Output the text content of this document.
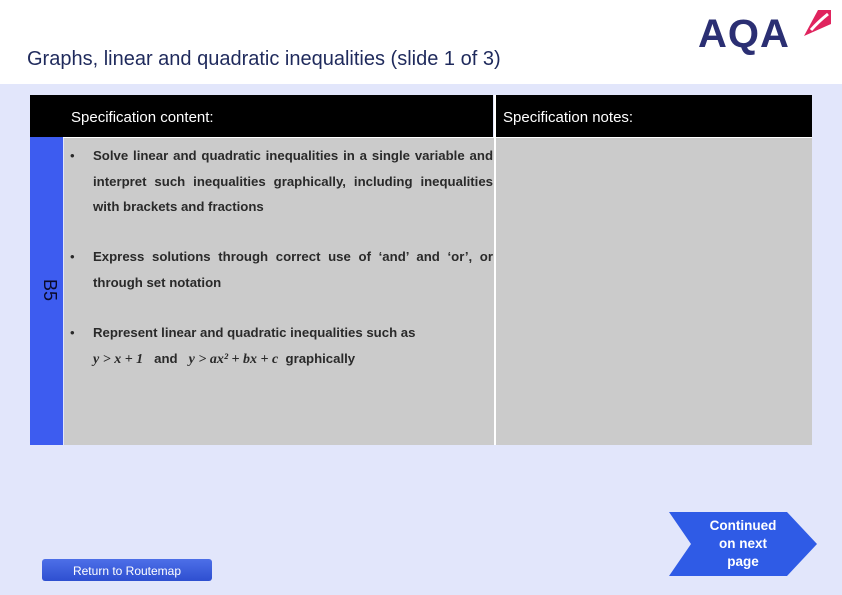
Graphs, linear and quadratic inequalities (slide 1 of 3)
AQA
B5
Specification content:	Specification notes:
• Solve linear and quadratic inequalities in a single variable and interpret such inequalities graphically, including inequalities with brackets and fractions
• Express solutions through correct use of ‘and’ and ‘or’, or through set notation
• Represent linear and quadratic inequalities such as
y > x + 1 and y > ax² + bx + c graphically
Return to Routemap
Continued
on next
page
